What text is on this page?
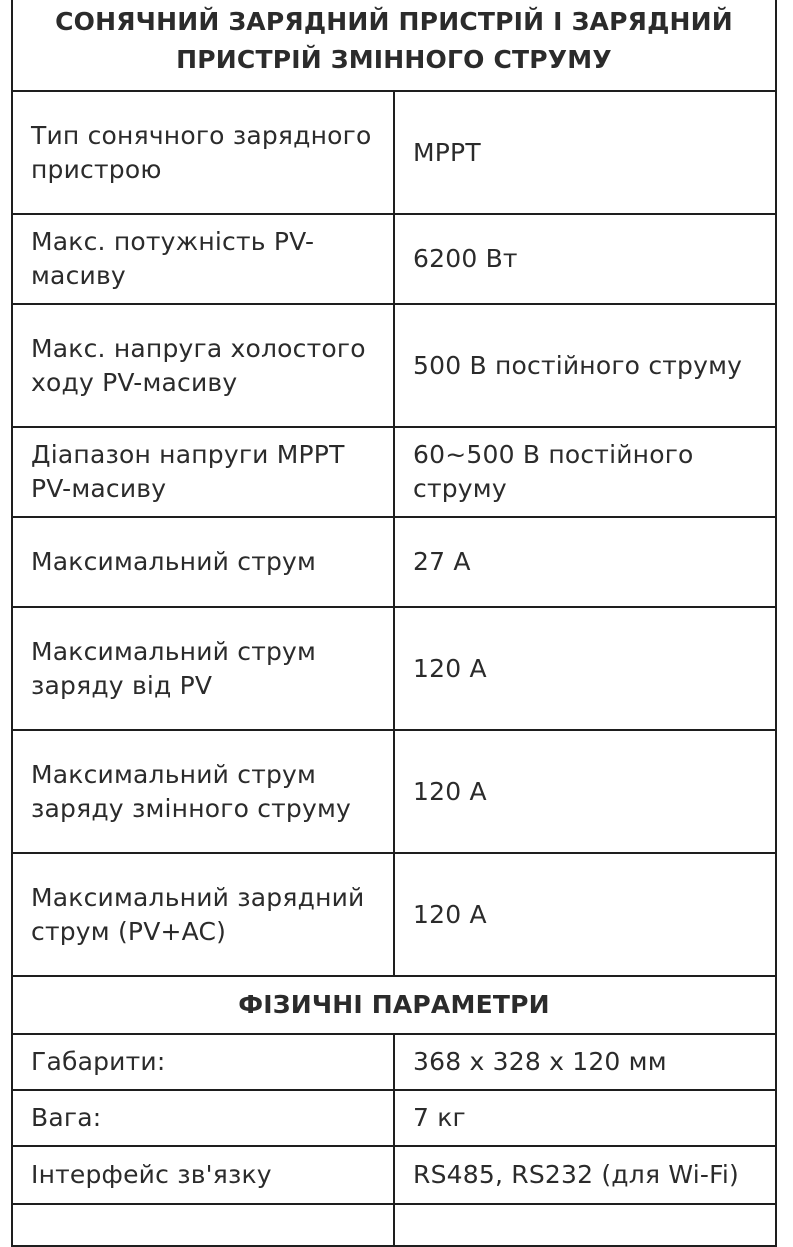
СОНЯЧНИЙ ЗАРЯДНИЙ ПРИСТРІЙ І ЗАРЯДНИЙ ПРИСТРІЙ ЗМІННОГО СТРУМУ	
Тип сонячного зарядного пристрою	MPPT
Макс. потужність PV-масиву	6200 Вт
Макс. напруга холостого ходу PV-масиву	500 В постійного струму
Діапазон напруги MPPT PV-масиву	60~500 В постійного струму
Максимальний струм	27 A
Максимальний струм заряду від PV	120 A
Максимальний струм заряду змінного струму	120 A
Максимальний зарядний струм (PV+AC)	120 A
ФІЗИЧНІ ПАРАМЕТРИ	
Габарити:	368 x 328 x 120 мм
Вага:	7 кг
Інтерфейс зв'язку	RS485, RS232 (для Wi-Fi)
